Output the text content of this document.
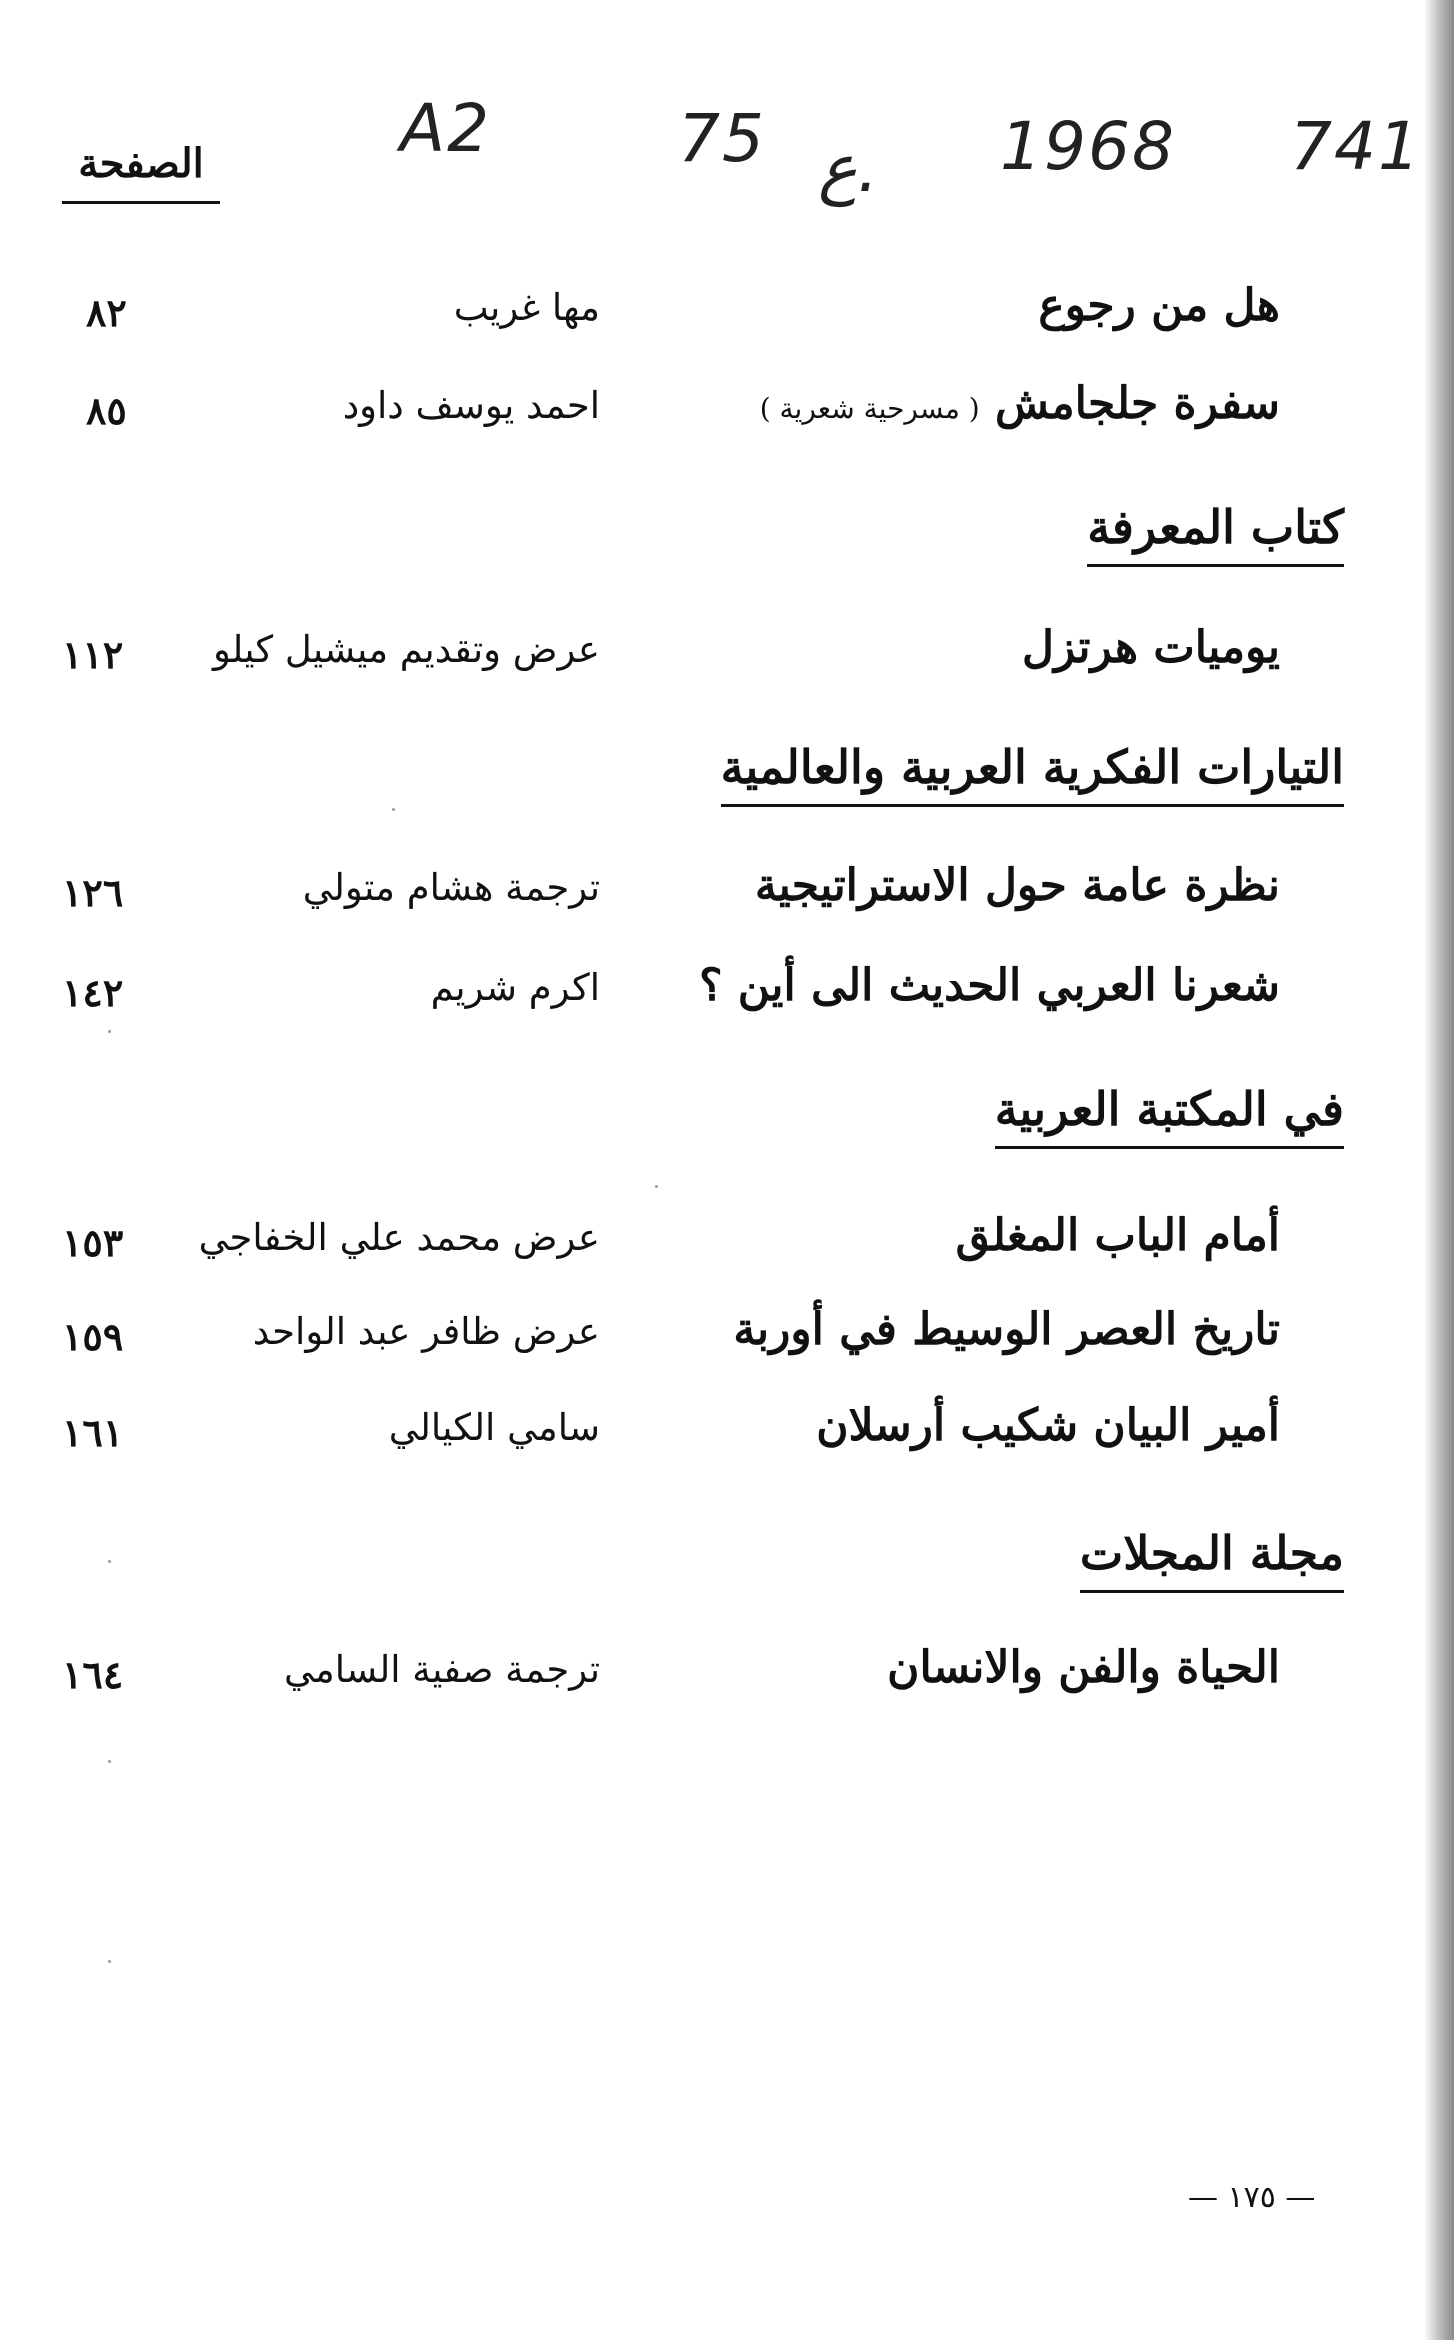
A2	75 ع. 1968 741
الصفحة
هل من رجوع
مها غريب
٨٢
سفرة جلجامش ( مسرحية شعرية )
احمد يوسف داود
٨٥
كتاب المعرفة
يوميات هرتزل
عرض وتقديم ميشيل كيلو
١١٢
التيارات الفكرية العربية والعالمية
نظرة عامة حول الاستراتيجية
ترجمة هشام متولي
١٢٦
شعرنا العربي الحديث الى أين ؟
اكرم شريم
١٤٢
في المكتبة العربية
أمام الباب المغلق
عرض محمد علي الخفاجي
١٥٣
تاريخ العصر الوسيط في أوربة
عرض ظافر عبد الواحد
١٥٩
أمير البيان شكيب أرسلان
سامي الكيالي
١٦١
مجلة المجلات
الحياة والفن والانسان
ترجمة صفية السامي
١٦٤
— ١٧٥ —
